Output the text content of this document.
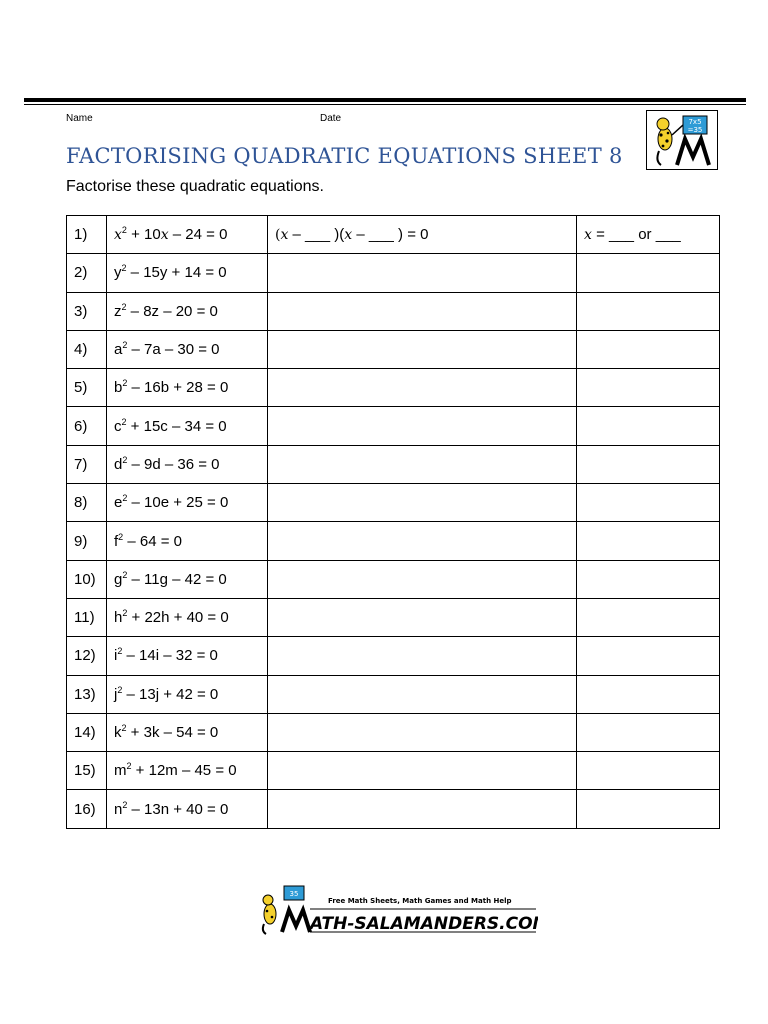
Name	Date
FACTORISING QUADRATIC EQUATIONS SHEET 8
Factorise these quadratic equations.
7x5
=35
1)	$x^2 + 10x - 24 = 0$	(x – ___ )(x – ___ ) = 0	x = ___ or ___
2)	$y^2 - 15y + 14 = 0$		
3)	$z^2 - 8z - 20 = 0$		
4)	$a^2 - 7a - 30 = 0$		
5)	$b^2 - 16b + 28 = 0$		
6)	$c^2 + 15c - 34 = 0$		
7)	$d^2 - 9d - 36 = 0$		
8)	$e^2 - 10e + 25 = 0$		
9)	$f^2 - 64 = 0$		
10)	$g^2 - 11g - 42 = 0$		
11)	$h^2 + 22h + 40 = 0$		
12)	$i^2 - 14i - 32 = 0$		
13)	$j^2 - 13j + 42 = 0$		
14)	$k^2 + 3k - 54 = 0$		
15)	$m^2 + 12m - 45 = 0$		
16)	$n^2 - 13n + 40 = 0$		
35
Free Math Sheets, Math Games and Math Help
ATH-SALAMANDERS.COM
